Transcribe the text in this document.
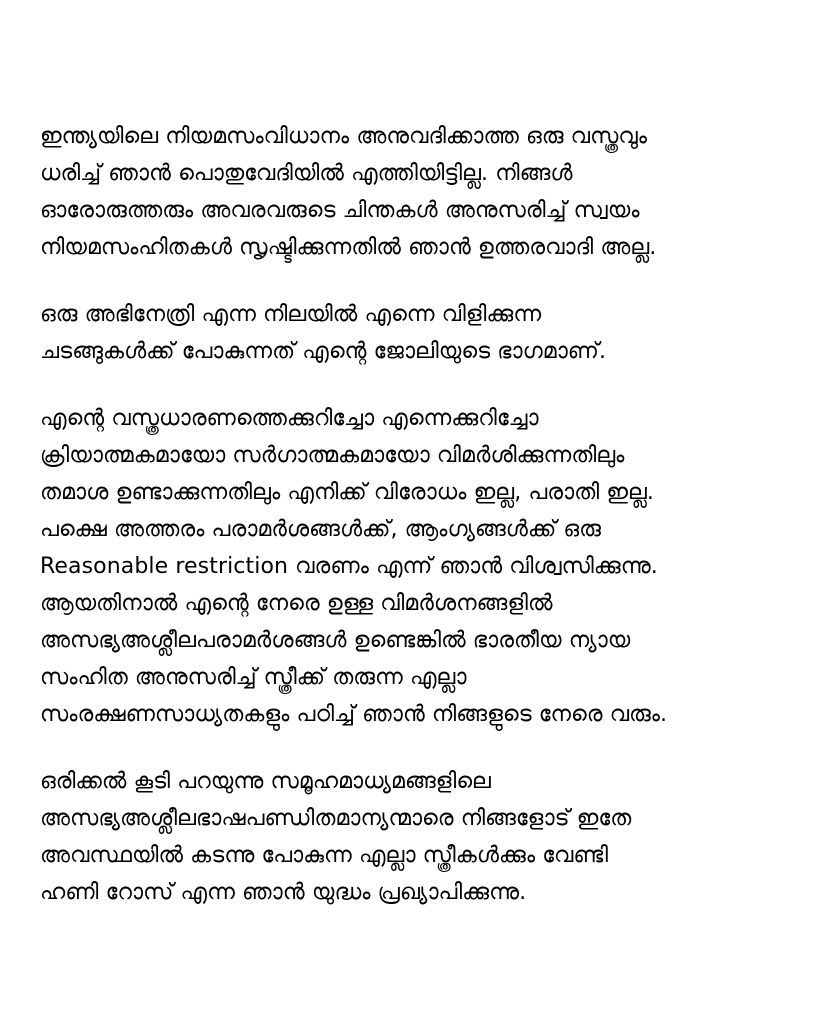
ഇന്ത്യയിലെ നിയമസംവിധാനം അനുവദിക്കാത്ത ഒരു വസ്ത്രവും
ധരിച്ച് ഞാൻ പൊതുവേദിയിൽ എത്തിയിട്ടില്ല. നിങ്ങൾ
ഓരോരുത്തരും അവരവരുടെ ചിന്തകൾ അനുസരിച്ച് സ്വയം
നിയമസംഹിതകൾ സൃഷ്ടിക്കുന്നതിൽ ഞാൻ ഉത്തരവാദി അല്ല.
ഒരു അഭിനേത്രി എന്ന നിലയിൽ എന്നെ വിളിക്കുന്ന
ചടങ്ങുകൾക്ക് പോകുന്നത് എന്റെ ജോലിയുടെ ഭാഗമാണ്.
എന്റെ വസ്ത്രധാരണത്തെക്കുറിച്ചോ എന്നെക്കുറിച്ചോ
ക്രിയാത്മകമായോ സർഗാത്മകമായോ വിമർശിക്കുന്നതിലും
തമാശ ഉണ്ടാക്കുന്നതിലും എനിക്ക് വിരോധം ഇല്ല, പരാതി ഇല്ല.
പക്ഷെ അത്തരം പരാമർശങ്ങൾക്ക്, ആംഗ്യങ്ങൾക്ക് ഒരു
Reasonable restriction വരണം എന്ന് ഞാൻ വിശ്വസിക്കുന്നു.
ആയതിനാൽ എന്റെ നേരെ ഉള്ള വിമർശനങ്ങളിൽ
അസഭ്യഅശ്ലീലപരാമർശങ്ങൾ ഉണ്ടെങ്കിൽ ഭാരതീയ ന്യായ
സംഹിത അനുസരിച്ച് സ്ത്രീക്ക് തരുന്ന എല്ലാ
സംരക്ഷണസാധ്യതകളും പഠിച്ച് ഞാൻ നിങ്ങളുടെ നേരെ വരും.
ഒരിക്കൽ കൂടി പറയുന്നു സമൂഹമാധ്യമങ്ങളിലെ
അസഭ്യഅശ്ലീലഭാഷപണ്ഡിതമാന്യന്മാരെ നിങ്ങളോട് ഇതേ
അവസ്ഥയിൽ കടന്നു പോകുന്ന എല്ലാ സ്ത്രീകൾക്കും വേണ്ടി
ഹണി റോസ് എന്ന ഞാൻ യുദ്ധം പ്രഖ്യാപിക്കുന്നു.
